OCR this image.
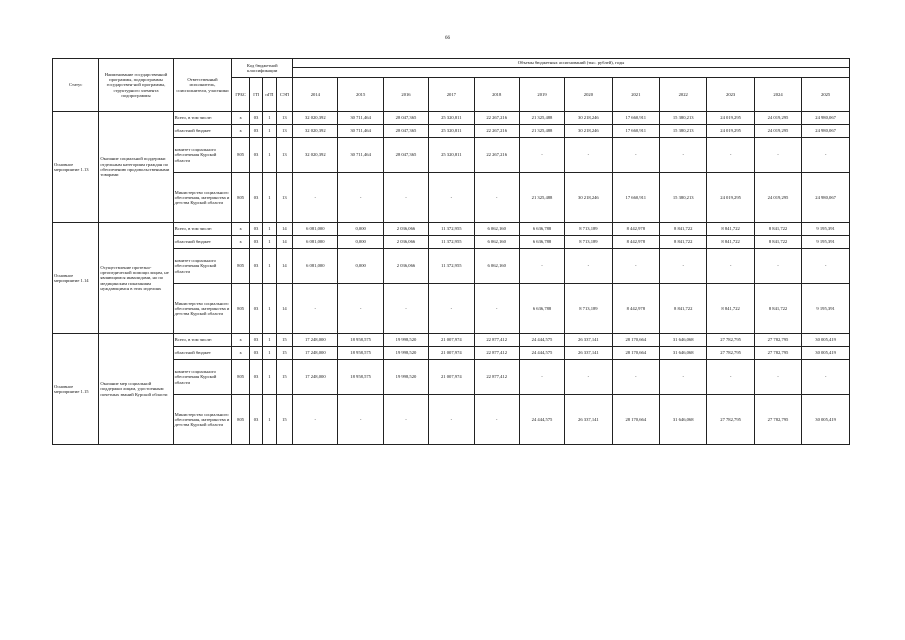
66
Статус	Наименование государственной программы, подпрограммы государствен-ной программы, структурного элемента подпрограммы	Ответственный исполнитель, соисполнители, участники	Код бюджетной классификации				Объемы бюджетных ассигнований (тыс. рублей), годы											

			ГРБС	ГП	пГП	СЭП	2014	2015	2016	2017	2018	2019	2020	2021	2022	2023	2024	2025
Основное мероприятие 1.13	Оказание социальной поддержки отдельным категориям граждан по обеспечению продовольственными товарами	Всего, в том числе:	х	03	1	13	32 020,392	30 711,464	28 047,365	25 320,811	22 267,216	21 325,488	30 218,246	17 660,911	15 380,213	24 019,295	24 019,295	24 980,067
		областной бюджет	х	03	1	13	32 020,392	30 711,464	28 047,365	25 320,811	22 267,216	21 325,488	30 218,246	17 660,911	15 380,213	24 019,295	24 019,295	24 980,067
		комитет социального обеспечения Курской области	805	03	1	13	32 020,392	30 711,464	28 047,365	25 320,811	22 267,216	-	-	-	-	-	-	-
		Министерство социального обеспечения, материнства и детства Курской области	805	03	1	13	-	-	-	-	-	21 325,488	30 218,246	17 660,911	15 380,213	24 019,295	24 019,295	24 980,067
Основное мероприятие 1.14	Осуществление протезно-ортопедической помощи лицам, не являющимся инвалидами, но по медицинским показаниям нуждающимся в этих изделиях	Всего, в том числе:	х	03	1	14	6 081,000	0,000	2 036,066	11 372,955	6 062,160	6 636,788	8 713,189	8 442,978	8 841,722	8 841,722	8 841,722	9 195,391
		областной бюджет	х	03	1	14	6 081,000	0,000	2 036,066	11 372,955	6 062,160	6 636,788	8 713,189	8 442,978	8 841,722	8 841,722	8 841,722	9 195,391
		комитет социального обеспечения Курской области	805	03	1	14	6 081,000	0,000	2 036,066	11 372,955	6 062,160	-	-	-	-	-	-	-
		Министерство социального обеспечения, материнства и детства Курской области	805	03	1	14	-	-	-	-	-	6 636,788	8 713,189	8 442,978	8 841,722	8 841,722	8 841,722	9 195,391
Основное мероприятие 1.15	Оказание мер социальной поддержки лицам, удостоенным почетных званий Курской области	Всего, в том числе:	х	03	1	15	17 248,000	18 958,575	19 998,520	21 007,974	22 877,412	24 444,575	26 337,141	28 170,664	31 646,068	27 782,795	27 782,795	30 005,419
		областной бюджет	х	03	1	15	17 248,000	18 958,575	19 998,520	21 007,974	22 877,412	24 444,575	26 337,141	28 170,664	31 646,068	27 782,795	27 782,795	30 005,419
		комитет социального обеспечения Курской области	805	03	1	15	17 248,000	18 958,575	19 998,520	21 007,974	22 877,412	-	-	-	-	-	-	-
		Министерство социального обеспечения, материнства и детства Курской области	805	03	1	15	-	-	-	-	-	24 444,575	26 337,141	28 170,664	31 646,068	27 782,795	27 782,795	30 005,419
